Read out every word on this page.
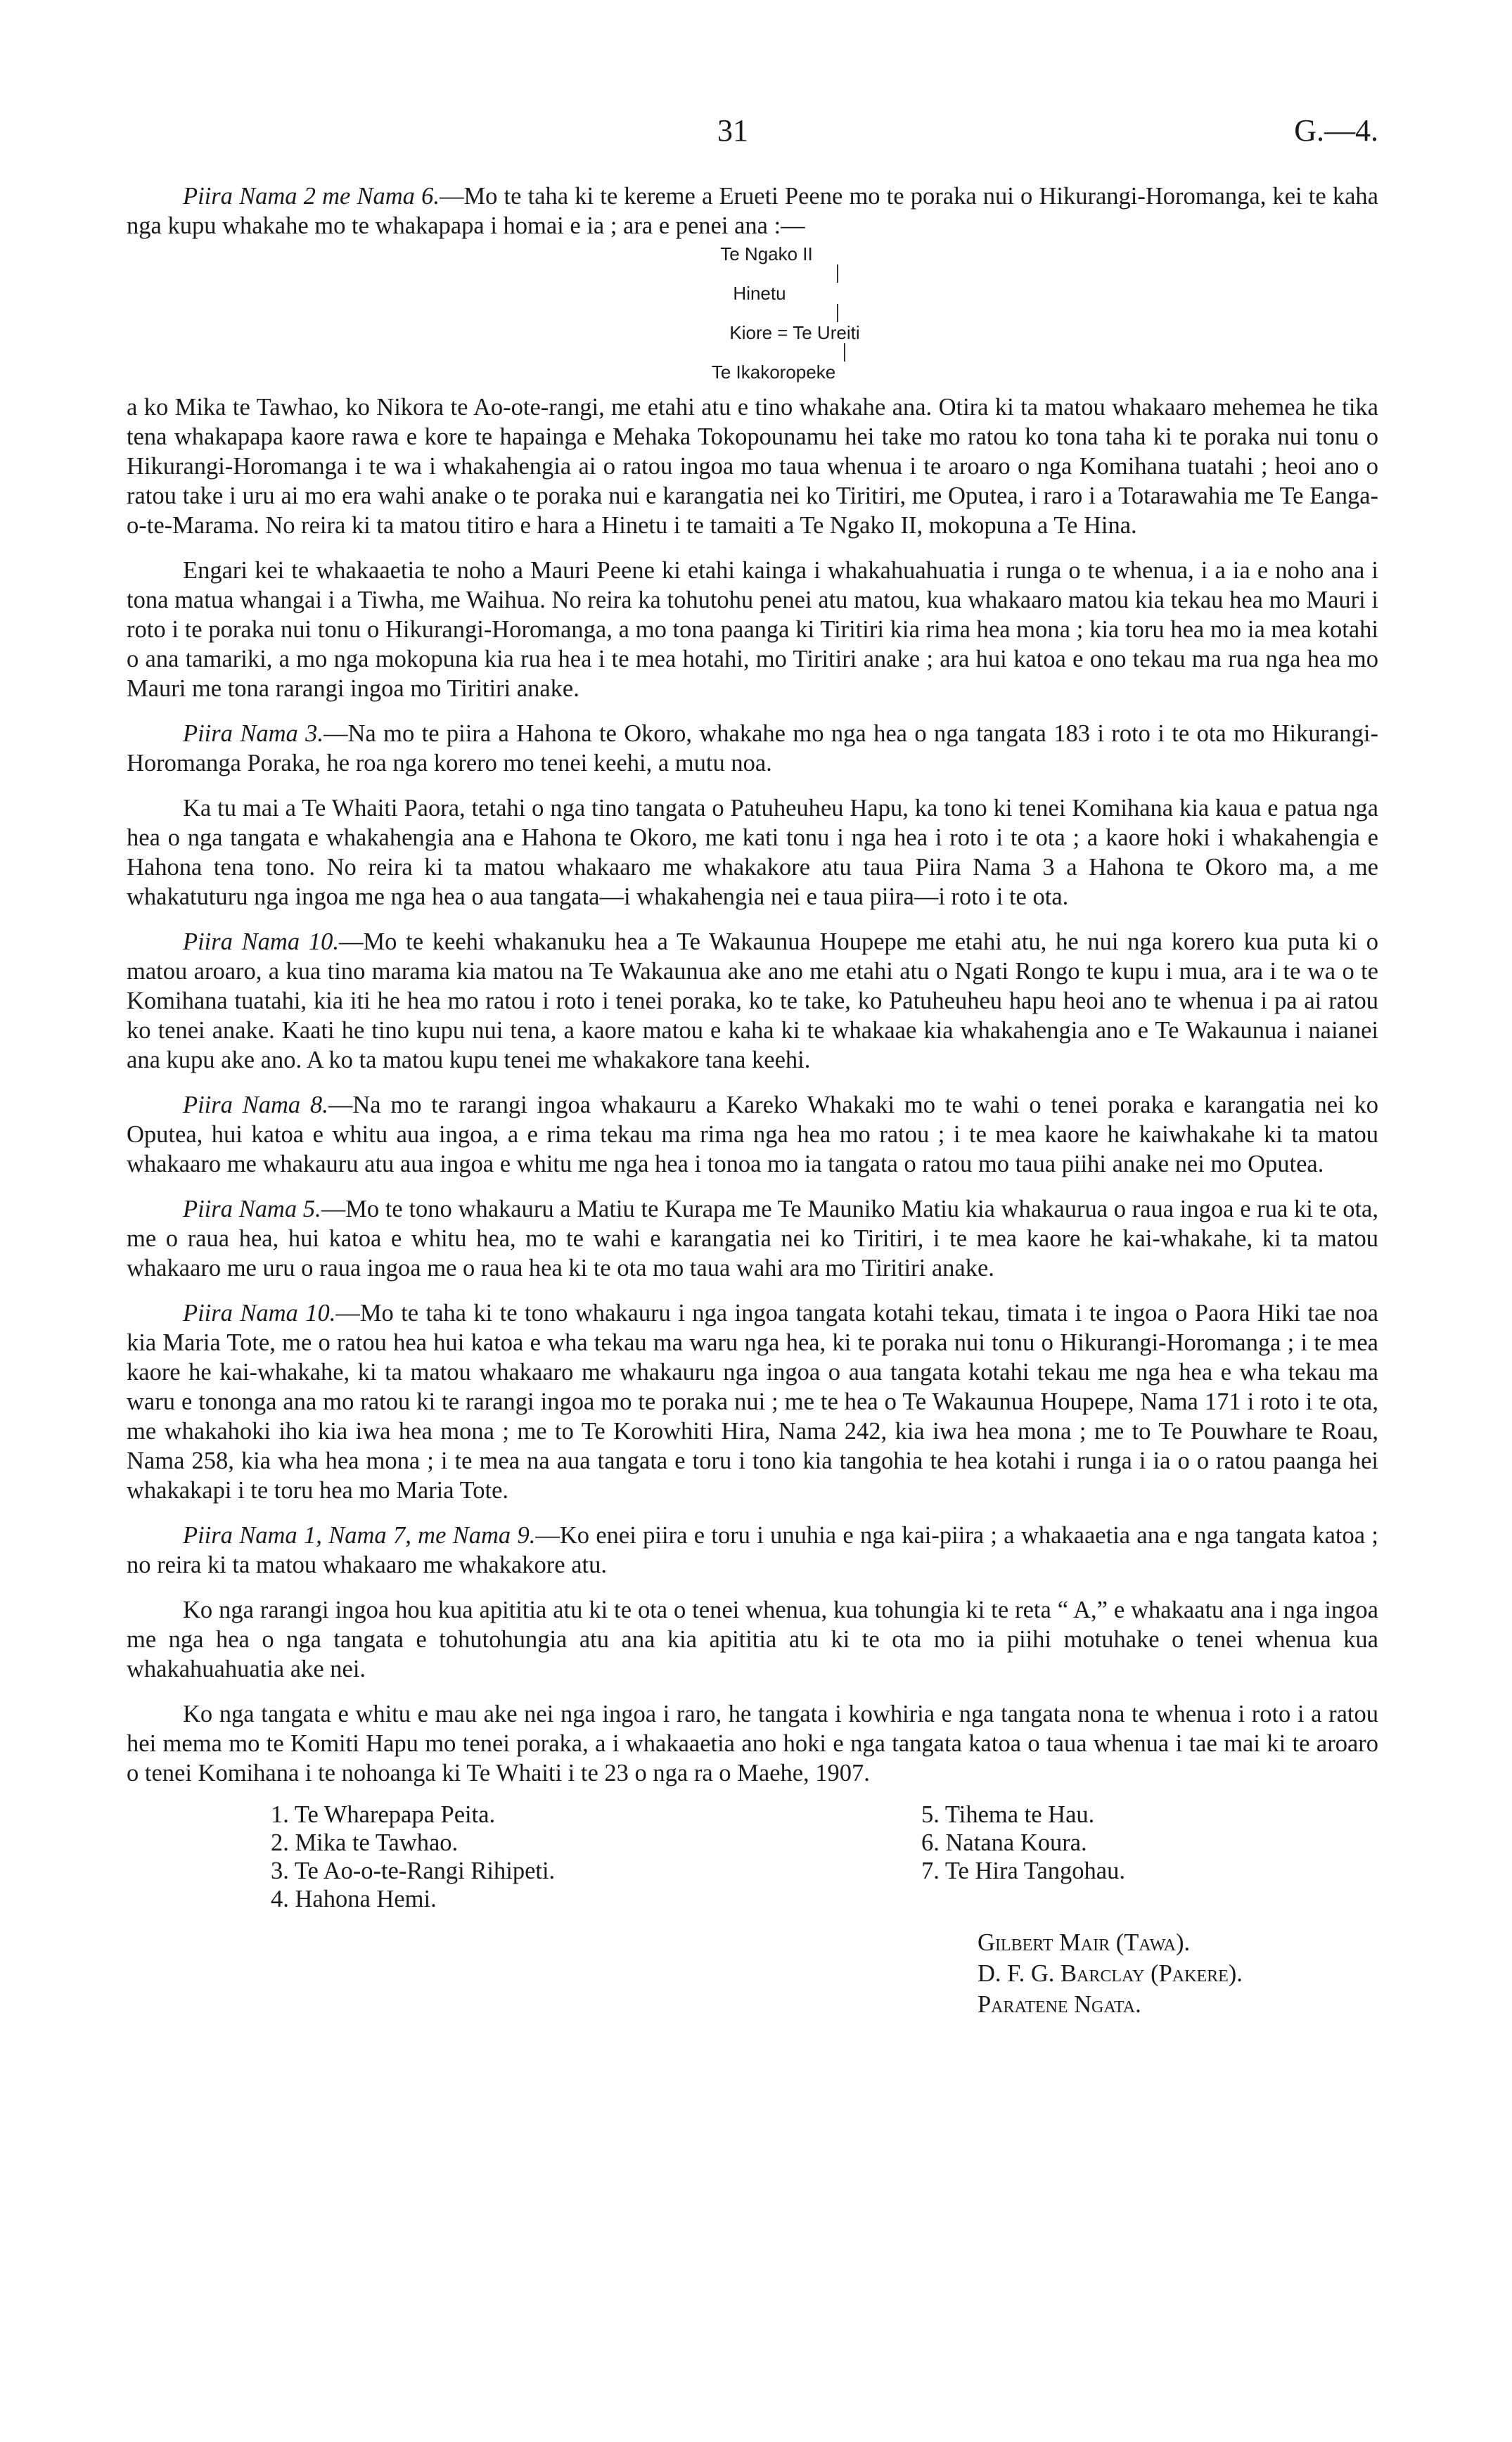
31	G.—4.

Piira Nama 2 me Nama 6.—Mo te taha ki te kereme a Erueti Peene mo te poraka nui o Hikurangi-Horomanga, kei te kaha nga kupu whakahe mo te whakapapa i homai e ia ; ara e penei ana :—

Te Ngako II
Hinetu
Kiore = Te Ureiti
Te Ikakoropeke

a ko Mika te Tawhao, ko Nikora te Ao-ote-rangi, me etahi atu e tino whakahe ana. Otira ki ta matou whakaaro mehemea he tika tena whakapapa kaore rawa e kore te hapainga e Mehaka Tokopounamu hei take mo ratou ko tona taha ki te poraka nui tonu o Hikurangi-Horomanga i te wa i whakahengia ai o ratou ingoa mo taua whenua i te aroaro o nga Komihana tuatahi ; heoi ano o ratou take i uru ai mo era wahi anake o te poraka nui e karangatia nei ko Tiritiri, me Oputea, i raro i a Totarawahia me Te Eanga-o-te-Marama. No reira ki ta matou titiro e hara a Hinetu i te tamaiti a Te Ngako II, mokopuna a Te Hina.

Engari kei te whakaaetia te noho a Mauri Peene ki etahi kainga i whakahuahuatia i runga o te whenua, i a ia e noho ana i tona matua whangai i a Tiwha, me Waihua. No reira ka tohutohu penei atu matou, kua whakaaro matou kia tekau hea mo Mauri i roto i te poraka nui tonu o Hikurangi-Horomanga, a mo tona paanga ki Tiritiri kia rima hea mona ; kia toru hea mo ia mea kotahi o ana tamariki, a mo nga mokopuna kia rua hea i te mea hotahi, mo Tiritiri anake ; ara hui katoa e ono tekau ma rua nga hea mo Mauri me tona rarangi ingoa mo Tiritiri anake.

Piira Nama 3.—Na mo te piira a Hahona te Okoro, whakahe mo nga hea o nga tangata 183 i roto i te ota mo Hikurangi-Horomanga Poraka, he roa nga korero mo tenei keehi, a mutu noa.

Ka tu mai a Te Whaiti Paora, tetahi o nga tino tangata o Patuheuheu Hapu, ka tono ki tenei Komihana kia kaua e patua nga hea o nga tangata e whakahengia ana e Hahona te Okoro, me kati tonu i nga hea i roto i te ota ; a kaore hoki i whakahengia e Hahona tena tono. No reira ki ta matou whakaaro me whakakore atu taua Piira Nama 3 a Hahona te Okoro ma, a me whakatuturu nga ingoa me nga hea o aua tangata—i whakahengia nei e taua piira—i roto i te ota.

Piira Nama 10.—Mo te keehi whakanuku hea a Te Wakaunua Houpepe me etahi atu, he nui nga korero kua puta ki o matou aroaro, a kua tino marama kia matou na Te Wakaunua ake ano me etahi atu o Ngati Rongo te kupu i mua, ara i te wa o te Komihana tuatahi, kia iti he hea mo ratou i roto i tenei poraka, ko te take, ko Patuheuheu hapu heoi ano te whenua i pa ai ratou ko tenei anake. Kaati he tino kupu nui tena, a kaore matou e kaha ki te whakaae kia whakahengia ano e Te Wakaunua i naianei ana kupu ake ano. A ko ta matou kupu tenei me whakakore tana keehi.

Piira Nama 8.—Na mo te rarangi ingoa whakauru a Kareko Whakaki mo te wahi o tenei poraka e karangatia nei ko Oputea, hui katoa e whitu aua ingoa, a e rima tekau ma rima nga hea mo ratou ; i te mea kaore he kaiwhakahe ki ta matou whakaaro me whakauru atu aua ingoa e whitu me nga hea i tonoa mo ia tangata o ratou mo taua piihi anake nei mo Oputea.

Piira Nama 5.—Mo te tono whakauru a Matiu te Kurapa me Te Mauniko Matiu kia whakaurua o raua ingoa e rua ki te ota, me o raua hea, hui katoa e whitu hea, mo te wahi e karangatia nei ko Tiritiri, i te mea kaore he kai-whakahe, ki ta matou whakaaro me uru o raua ingoa me o raua hea ki te ota mo taua wahi ara mo Tiritiri anake.

Piira Nama 10.—Mo te taha ki te tono whakauru i nga ingoa tangata kotahi tekau, timata i te ingoa o Paora Hiki tae noa kia Maria Tote, me o ratou hea hui katoa e wha tekau ma waru nga hea, ki te poraka nui tonu o Hikurangi-Horomanga ; i te mea kaore he kai-whakahe, ki ta matou whakaaro me whakauru nga ingoa o aua tangata kotahi tekau me nga hea e wha tekau ma waru e tononga ana mo ratou ki te rarangi ingoa mo te poraka nui ; me te hea o Te Wakaunua Houpepe, Nama 171 i roto i te ota, me whakahoki iho kia iwa hea mona ; me to Te Korowhiti Hira, Nama 242, kia iwa hea mona ; me to Te Pouwhare te Roau, Nama 258, kia wha hea mona ; i te mea na aua tangata e toru i tono kia tangohia te hea kotahi i runga i ia o o ratou paanga hei whakakapi i te toru hea mo Maria Tote.

Piira Nama 1, Nama 7, me Nama 9.—Ko enei piira e toru i unuhia e nga kai-piira ; a whakaaetia ana e nga tangata katoa ; no reira ki ta matou whakaaro me whakakore atu.

Ko nga rarangi ingoa hou kua apititia atu ki te ota o tenei whenua, kua tohungia ki te reta “ A,” e whakaatu ana i nga ingoa me nga hea o nga tangata e tohutohungia atu ana kia apititia atu ki te ota mo ia piihi motuhake o tenei whenua kua whakahuahuatia ake nei.

Ko nga tangata e whitu e mau ake nei nga ingoa i raro, he tangata i kowhiria e nga tangata nona te whenua i roto i a ratou hei mema mo te Komiti Hapu mo tenei poraka, a i whakaaetia ano hoki e nga tangata katoa o taua whenua i tae mai ki te aroaro o tenei Komihana i te nohoanga ki Te Whaiti i te 23 o nga ra o Maehe, 1907.

1. Te Wharepapa Peita.
2. Mika te Tawhao.
3. Te Ao-o-te-Rangi Rihipeti.
4. Hahona Hemi.
5. Tihema te Hau.
6. Natana Koura.
7. Te Hira Tangohau.
Gilbert Mair (Tawa).
D. F. G. Barclay (Pakere).
Paratene Ngata.
